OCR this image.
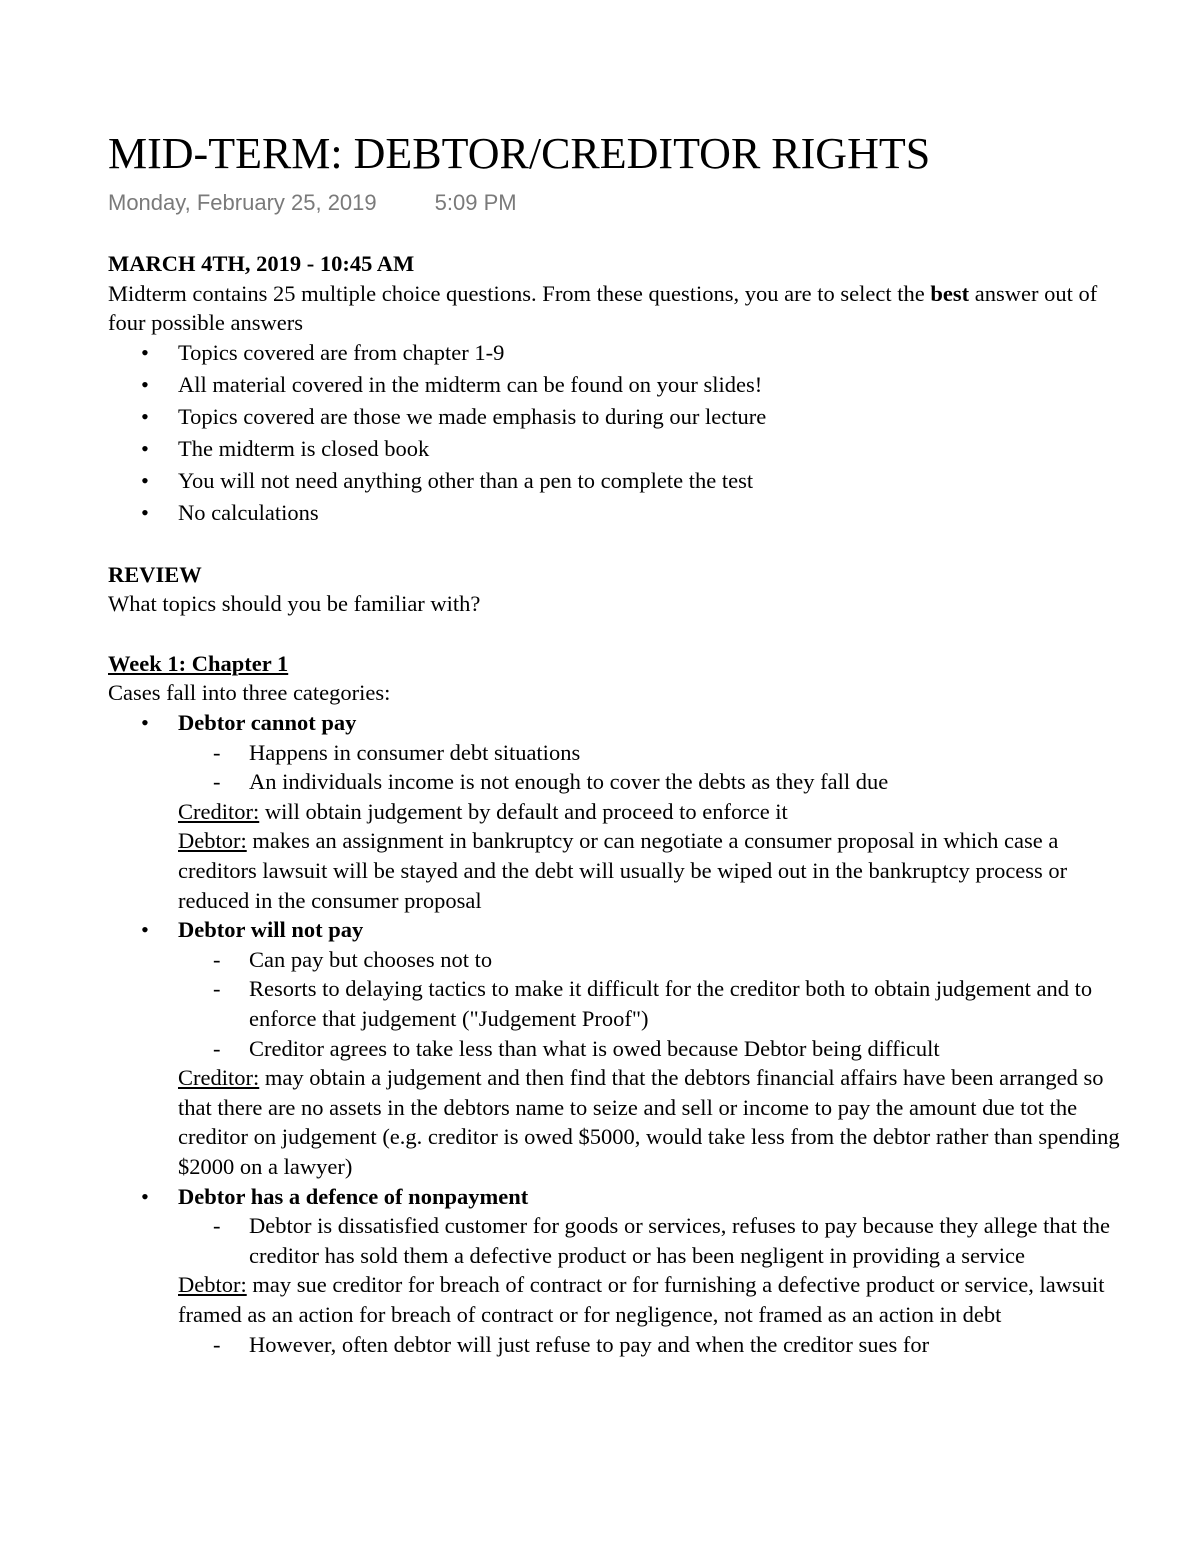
MID-TERM: DEBTOR/CREDITOR RIGHTS
Monday, February 25, 2019	5:09 PM
MARCH 4TH, 2019 - 10:45 AM
Midterm contains 25 multiple choice questions. From these questions, you are to select the best answer out of four possible answers
• Topics covered are from chapter 1-9
• All material covered in the midterm can be found on your slides!
• Topics covered are those we made emphasis to during our lecture
• The midterm is closed book
• You will not need anything other than a pen to complete the test
• No calculations
REVIEW
What topics should you be familiar with?
Week 1: Chapter 1
Cases fall into three categories:
• Debtor cannot pay
- Happens in consumer debt situations
- An individuals income is not enough to cover the debts as they fall due
Creditor: will obtain judgement by default and proceed to enforce it
Debtor: makes an assignment in bankruptcy or can negotiate a consumer proposal in which case a creditors lawsuit will be stayed and the debt will usually be wiped out in the bankruptcy process or reduced in the consumer proposal
• Debtor will not pay
- Can pay but chooses not to
- Resorts to delaying tactics to make it difficult for the creditor both to obtain judgement and to enforce that judgement ("Judgement Proof")
- Creditor agrees to take less than what is owed because Debtor being difficult
Creditor: may obtain a judgement and then find that the debtors financial affairs have been arranged so that there are no assets in the debtors name to seize and sell or income to pay the amount due tot the creditor on judgement (e.g. creditor is owed $5000, would take less from the debtor rather than spending $2000 on a lawyer)
• Debtor has a defence of nonpayment
- Debtor is dissatisfied customer for goods or services, refuses to pay because they allege that the creditor has sold them a defective product or has been negligent in providing a service
Debtor: may sue creditor for breach of contract or for furnishing a defective product or service, lawsuit framed as an action for breach of contract or for negligence, not framed as an action in debt
- However, often debtor will just refuse to pay and when the creditor sues for
